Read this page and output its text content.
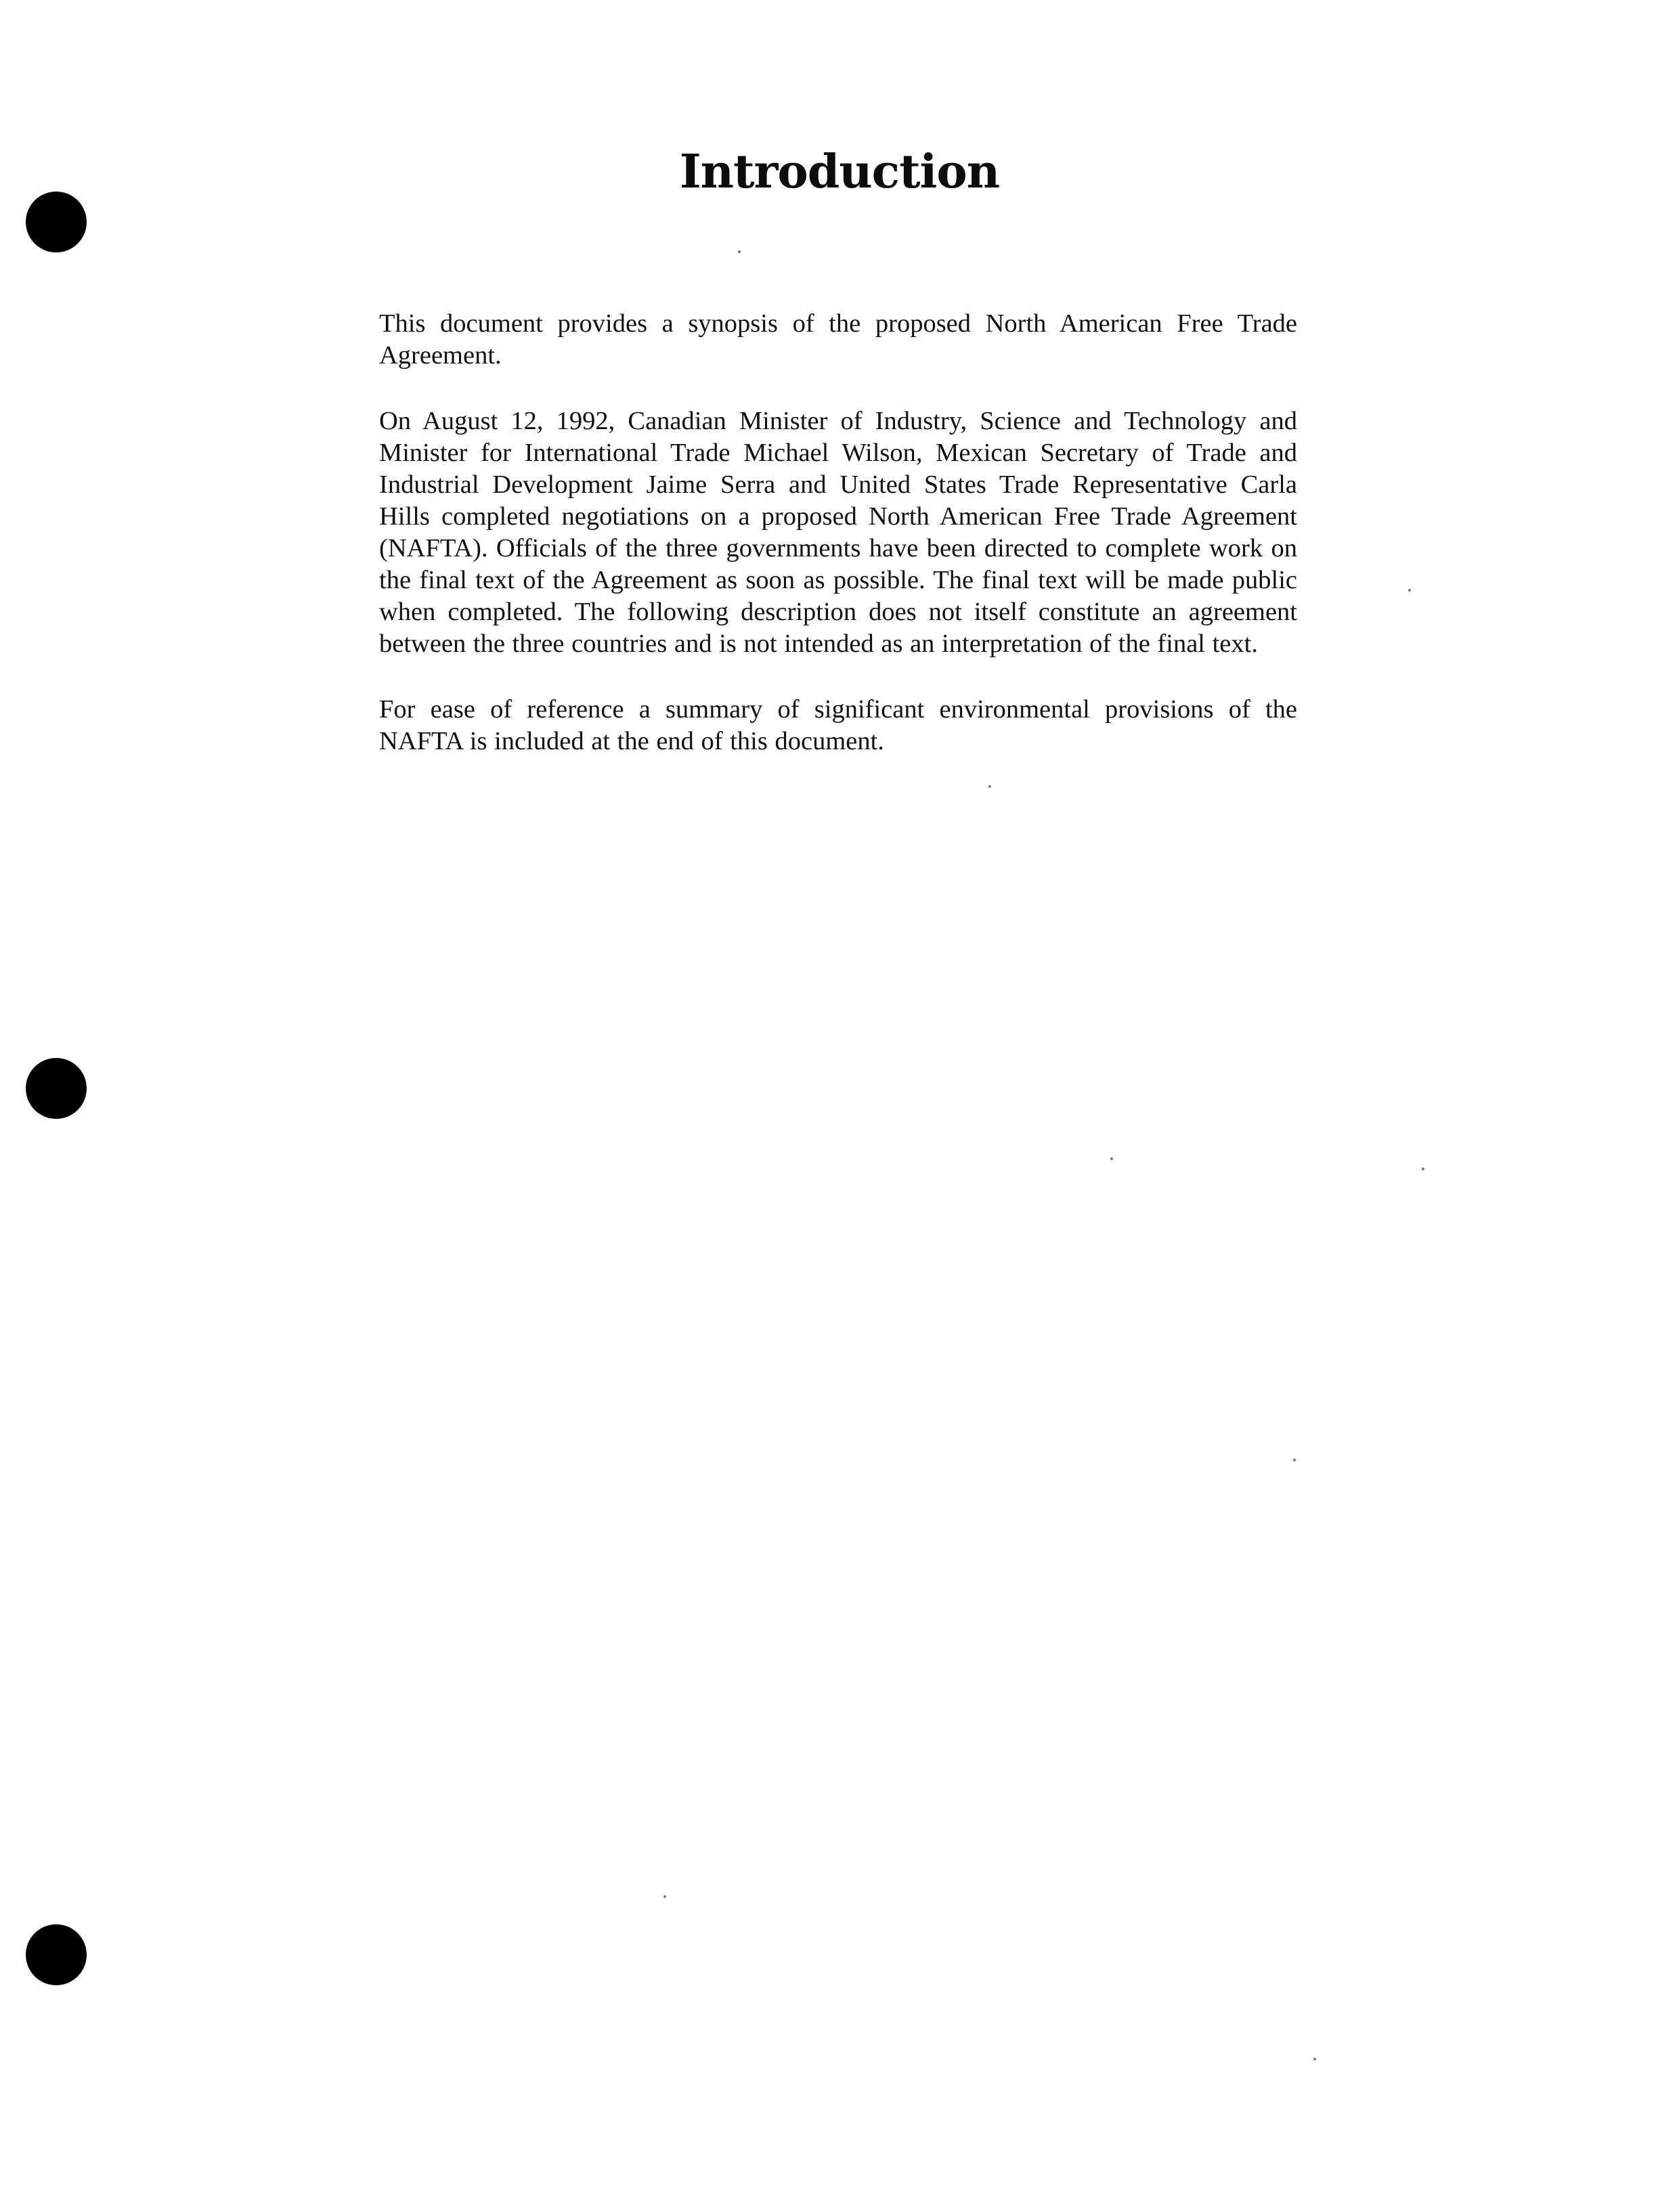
Introduction

This document provides a synopsis of the proposed North American Free Trade Agreement.

On August 12, 1992, Canadian Minister of Industry, Science and Technology and Minister for International Trade Michael Wilson, Mexican Secretary of Trade and Industrial Development Jaime Serra and United States Trade Representative Carla Hills completed negotiations on a proposed North American Free Trade Agreement (NAFTA). Officials of the three governments have been directed to complete work on the final text of the Agreement as soon as possible. The final text will be made public when completed. The following description does not itself constitute an agreement between the three countries and is not intended as an interpretation of the final text.

For ease of reference a summary of significant environmental provisions of the NAFTA is included at the end of this document.
